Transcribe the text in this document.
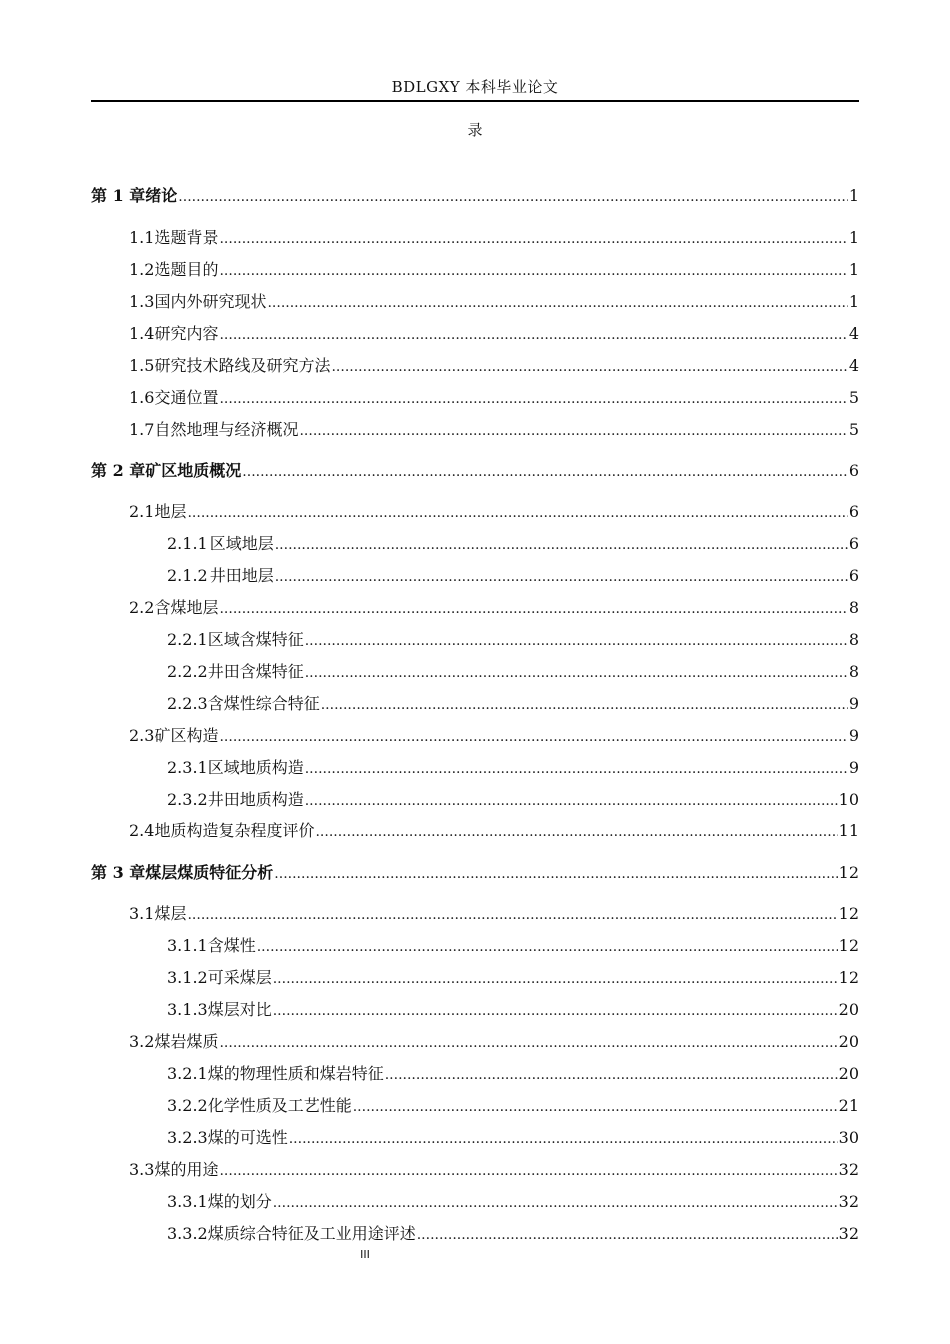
BDLGXY 本科毕业论文
录
第 1 章 绪论 .....	1
1.1 选题背景 .....	1
1.2 选题目的 .....	1
1.3 国内外研究现状 .....	1
1.4 研究内容 .....	4
1.5 研究技术路线及研究方法 .....	4
1.6 交通位置 .....	5
1.7 自然地理与经济概况 .....	5
第 2 章 矿区地质概况 .....	6
2.1 地层 .....	6
2.1.1 区域地层 .....	6
2.1.2 井田地层 .....	6
2.2 含煤地层 .....	8
2.2.1 区域含煤特征 .....	8
2.2.2 井田含煤特征 .....	8
2.2.3 含煤性综合特征 .....	9
2.3 矿区构造 .....	9
2.3.1 区域地质构造 .....	9
2.3.2 井田地质构造 .....	10
2.4 地质构造复杂程度评价 .....	11
第 3 章 煤层煤质特征分析 .....	12
3.1 煤层 .....	12
3.1.1 含煤性 .....	12
3.1.2 可采煤层 .....	12
3.1.3 煤层对比 .....	20
3.2 煤岩煤质 .....	20
3.2.1 煤的物理性质和煤岩特征 .....	20
3.2.2 化学性质及工艺性能 .....	21
3.2.3 煤的可选性 .....	30
3.3 煤的用途 .....	32
3.3.1 煤的划分 .....	32
3.3.2 煤质综合特征及工业用途评述 .....	32
III
